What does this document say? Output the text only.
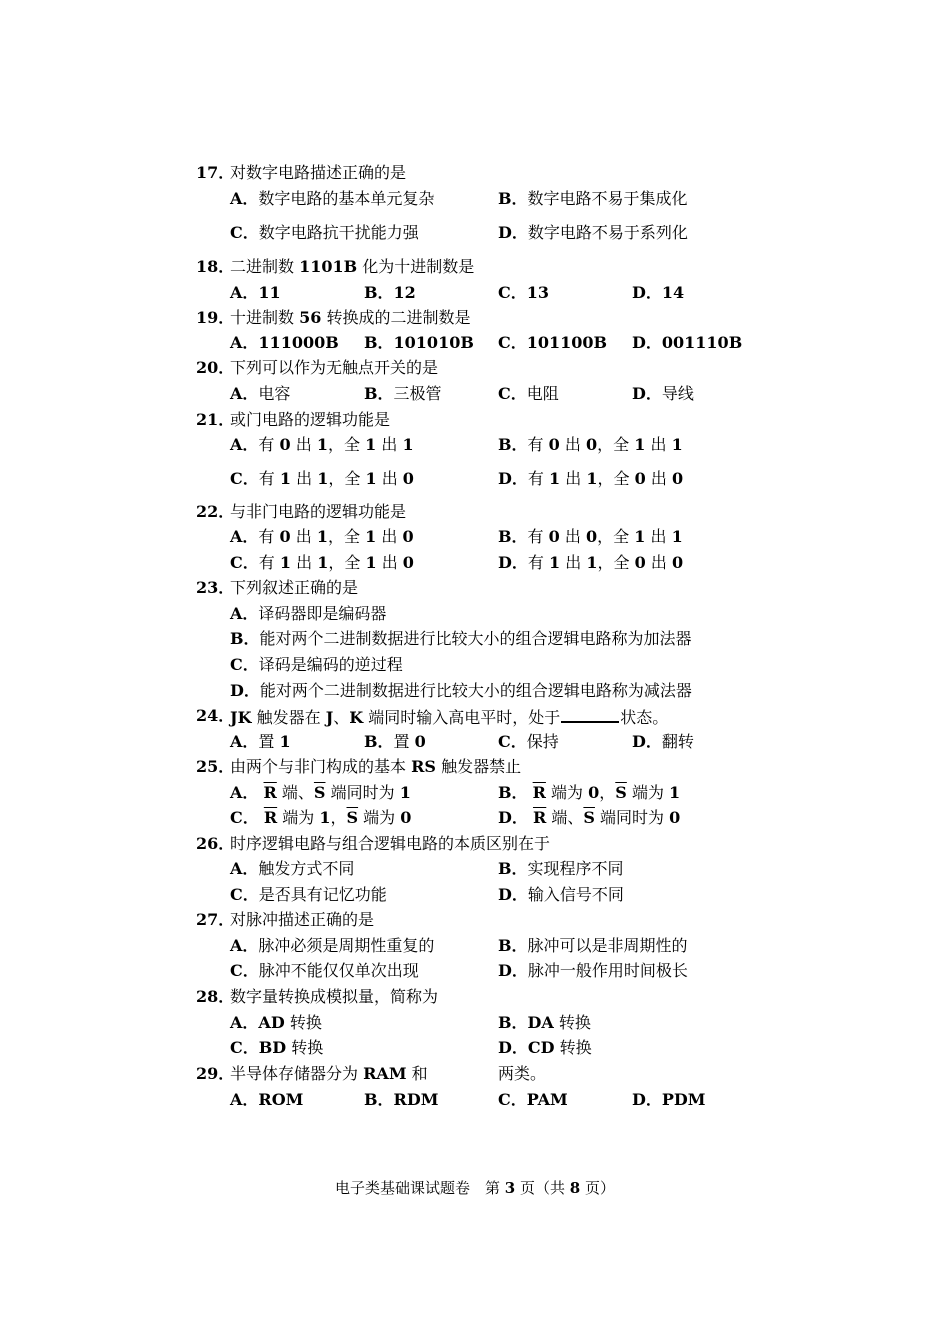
17．
对数字电路描述正确的是
A．数字电路的基本单元复杂	B．数字电路不易于集成化
C．数字电路抗干扰能力强	D．数字电路不易于系列化
18．
二进制数 1101B 化为十进制数是
A．11	B．12	C．13	D．14
19．
十进制数 56 转换成的二进制数是
A．111000B B．101010B C．101100B D．001110B
20．
下列可以作为无触点开关的是
A．电容	B．三极管	C．电阻	D．导线
21．
或门电路的逻辑功能是
A．有 0 出 1，全 1 出 1	B．有 0 出 0，全 1 出 1
C．有 1 出 1，全 1 出 0	D．有 1 出 1，全 0 出 0
22．
与非门电路的逻辑功能是
A．有 0 出 1，全 1 出 0	B．有 0 出 0，全 1 出 1
C．有 1 出 1，全 1 出 0	D．有 1 出 1，全 0 出 0
23．
下列叙述正确的是
A．译码器即是编码器
B．能对两个二进制数据进行比较大小的组合逻辑电路称为加法器
C．译码是编码的逆过程
D．能对两个二进制数据进行比较大小的组合逻辑电路称为减法器
24．
JK 触发器在 J、K 端同时输入高电平时，处于	状态。
A．置 1	B．置 0	C．保持	D．翻转
25．
由两个与非门构成的基本 RS 触发器禁止
A． $\overline{R}$ 端、$\overline{S}$ 端同时为 1	B． $\overline{R}$ 端为 0，$\overline{S}$ 端为 1
C． $\overline{R}$ 端为 1，$\overline{S}$ 端为 0	D． $\overline{R}$ 端、$\overline{S}$ 端同时为 0
26．
时序逻辑电路与组合逻辑电路的本质区别在于
A．触发方式不同	B．实现程序不同
C．是否具有记忆功能	D．输入信号不同
27．
对脉冲描述正确的是
A．脉冲必须是周期性重复的	B．脉冲可以是非周期性的
C．脉冲不能仅仅单次出现	D．脉冲一般作用时间极长
28．
数字量转换成模拟量，简称为
A．AD 转换	B．DA 转换
C．BD 转换	D．CD 转换
29．
半导体存储器分为 RAM 和	两类。
A．ROM	B．RDM	C．PAM	D．PDM
电子类基础课试题卷　第 3 页（共 8 页）
